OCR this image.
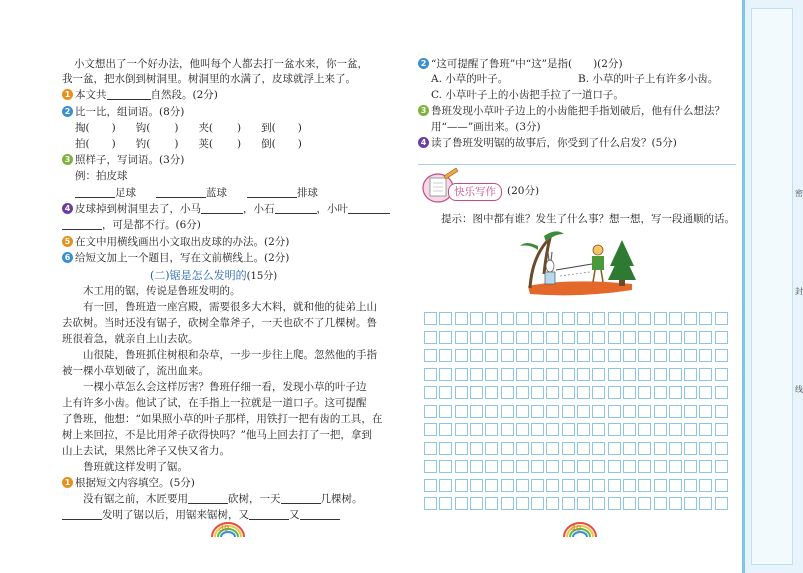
小文想出了一个好办法，他叫每个人都去打一盆水来，你一盆，
我一盆，把水倒到树洞里。树洞里的水满了，皮球就浮上来了。
1 本文共	自然段。(2分)
2 比一比，组词语。(8分)
掏( ) 钩( ) 夹( ) 到( )
拍( ) 钓( ) 荚( ) 倒( )
3 照样子，写词语。(3分)
例：拍皮球
足球	蓝球	排球
4 皮球掉到树洞里去了，小马	，小石	，小叶
，可是都不行。(6分)
5 在文中用横线画出小文取出皮球的办法。(2分)
6 给短文加上一个题目，写在文前横线上。(2分)
(二)锯是怎么发明的(15分)
木工用的锯，传说是鲁班发明的。
有一回，鲁班造一座宫殿，需要很多大木料，就和他的徒弟上山
去砍树。当时还没有锯子，砍树全靠斧子，一天也砍不了几棵树。鲁
班很着急，就亲自上山去砍。
山很陡，鲁班抓住树根和杂草，一步一步往上爬。忽然他的手指
被一棵小草划破了，流出血来。
一棵小草怎么会这样厉害？鲁班仔细一看，发现小草的叶子边
上有许多小齿。他试了试，在手指上一拉就是一道口子。这可提醒
了鲁班，他想：“如果照小草的叶子那样，用铁打一把有齿的工具，在
树上来回拉，不是比用斧子砍得快吗？”他马上回去打了一把，拿到
山上去试，果然比斧子又快又省力。
鲁班就这样发明了锯。
1 根据短文内容填空。(5分)
没有锯之前，木匠要用	砍树，一天	几棵树。
发明了锯以后，用锯来锯树，又	又
39
2 “这可提醒了鲁班”中“这”是指(　　)(2分)
A. 小草的叶子。	B. 小草的叶子上有许多小齿。
C. 小草叶子上的小齿把手拉了一道口子。
3 鲁班发现小草叶子边上的小齿能把手指划破后，他有什么想法？
用“——”画出来。(3分)
4 读了鲁班发明锯的故事后，你受到了什么启发？(5分)
快乐写作	(20分)
提示：图中都有谁？发生了什么事？想一想，写一段通顺的话。
40
密
封
线
